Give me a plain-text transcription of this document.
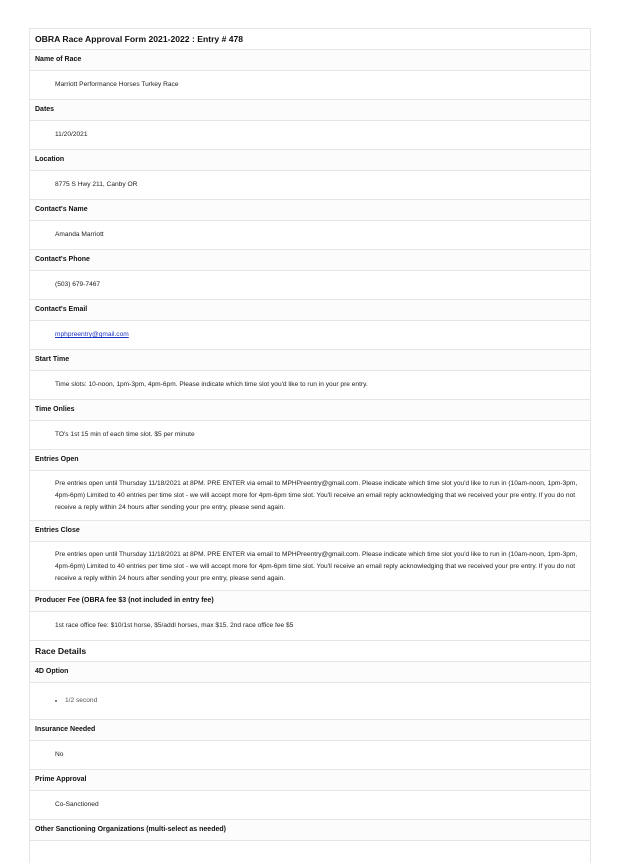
OBRA Race Approval Form 2021-2022 : Entry # 478
Name of Race
Marriott Performance Horses Turkey Race
Dates
11/20/2021
Location
8775 S Hwy 211, Canby OR
Contact's Name
Amanda Marriott
Contact's Phone
(503) 679-7467
Contact's Email
mphpreentry@gmail.com
Start Time
Time slots: 10-noon, 1pm-3pm, 4pm-6pm. Please indicate which time slot you'd like to run in your pre entry.
Time Onlies
TO's 1st 15 min of each time slot. $5 per minute
Entries Open
Pre entries open until Thursday 11/18/2021 at 8PM. PRE ENTER via email to MPHPreentry@gmail.com. Please indicate which time slot you'd like to run in (10am-noon, 1pm-3pm, 4pm-6pm) Limited to 40 entries per time slot - we will accept more for 4pm-6pm time slot. You'll receive an email reply acknowledging that we received your pre entry. If you do not receive a reply within 24 hours after sending your pre entry, please send again.
Entries Close
Pre entries open until Thursday 11/18/2021 at 8PM. PRE ENTER via email to MPHPreentry@gmail.com. Please indicate which time slot you'd like to run in (10am-noon, 1pm-3pm, 4pm-6pm) Limited to 40 entries per time slot - we will accept more for 4pm-6pm time slot. You'll receive an email reply acknowledging that we received your pre entry. If you do not receive a reply within 24 hours after sending your pre entry, please send again.
Producer Fee (OBRA fee $3 (not included in entry fee)
1st race office fee: $10/1st horse, $5/addl horses, max $15. 2nd race office fee $5
Race Details
4D Option
• 1/2 second
Insurance Needed
No
Prime Approval
Co-Sanctioned
Other Sanctioning Organizations (multi-select as needed)
